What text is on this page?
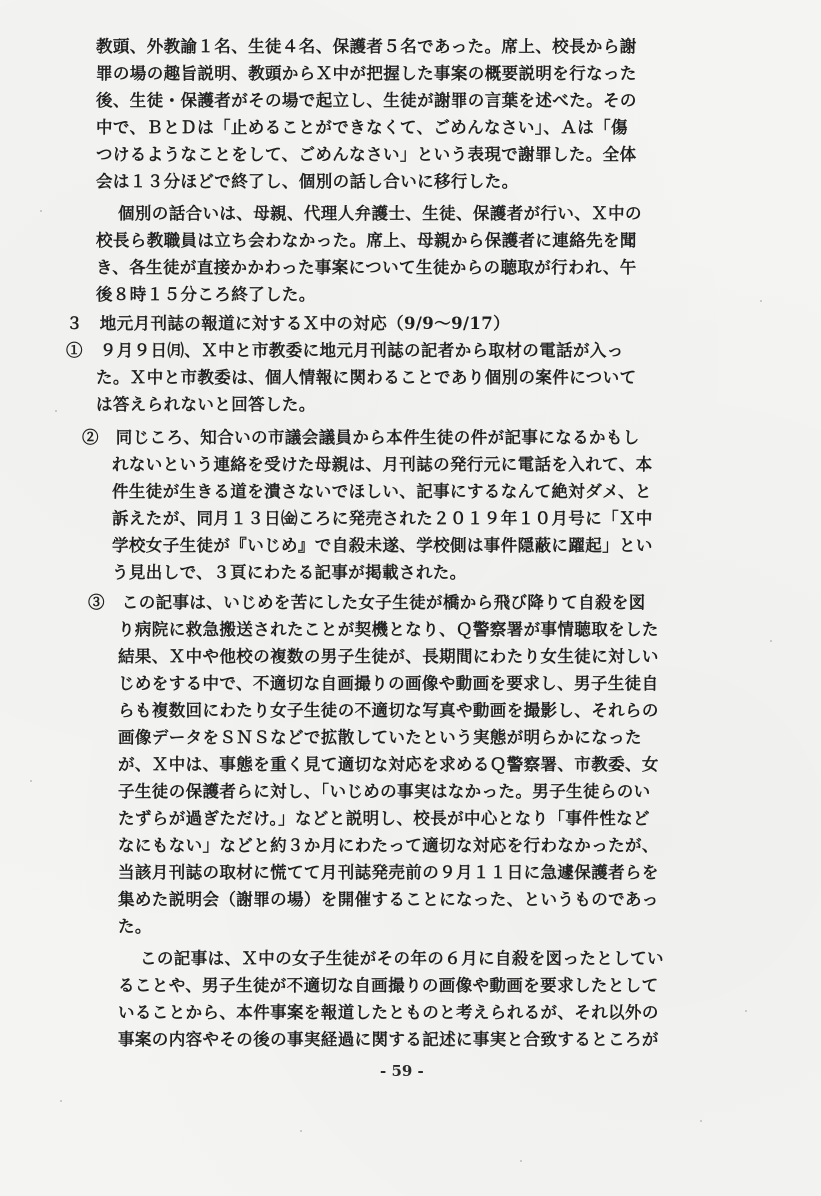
教頭、外教諭１名、生徒４名、保護者５名であった。席上、校長から謝
罪の場の趣旨説明、教頭からＸ中が把握した事案の概要説明を行なった
後、生徒・保護者がその場で起立し、生徒が謝罪の言葉を述べた。その
中で、ＢとＤは「止めることができなくて、ごめんなさい」、Ａは「傷
つけるようなことをして、ごめんなさい」という表現で謝罪した。全体
会は１３分ほどで終了し、個別の話し合いに移行した。
個別の話合いは、母親、代理人弁護士、生徒、保護者が行い、Ｘ中の
校長ら教職員は立ち会わなかった。席上、母親から保護者に連絡先を聞
き、各生徒が直接かかわった事案について生徒からの聴取が行われ、午
後８時１５分ころ終了した。
３　地元月刊誌の報道に対するＸ中の対応（9/9～9/17）
①　９月９日㈪、Ｘ中と市教委に地元月刊誌の記者から取材の電話が入っ
た。Ｘ中と市教委は、個人情報に関わることであり個別の案件について
は答えられないと回答した。
②　同じころ、知合いの市議会議員から本件生徒の件が記事になるかもし
れないという連絡を受けた母親は、月刊誌の発行元に電話を入れて、本
件生徒が生きる道を潰さないでほしい、記事にするなんて絶対ダメ、と
訴えたが、同月１３日㈮ころに発売された２０１９年１０月号に「Ｘ中
学校女子生徒が『いじめ』で自殺未遂、学校側は事件隠蔽に躍起」とい
う見出しで、３頁にわたる記事が掲載された。
③　この記事は、いじめを苦にした女子生徒が橋から飛び降りて自殺を図
り病院に救急搬送されたことが契機となり、Ｑ警察署が事情聴取をした
結果、Ｘ中や他校の複数の男子生徒が、長期間にわたり女生徒に対しい
じめをする中で、不適切な自画撮りの画像や動画を要求し、男子生徒自
らも複数回にわたり女子生徒の不適切な写真や動画を撮影し、それらの
画像データをＳＮＳなどで拡散していたという実態が明らかになった
が、Ｘ中は、事態を重く見て適切な対応を求めるＱ警察署、市教委、女
子生徒の保護者らに対し、「いじめの事実はなかった。男子生徒らのい
たずらが過ぎただけ。」などと説明し、校長が中心となり「事件性など
なにもない」などと約３か月にわたって適切な対応を行わなかったが、
当該月刊誌の取材に慌てて月刊誌発売前の９月１１日に急遽保護者らを
集めた説明会（謝罪の場）を開催することになった、というものであっ
た。
この記事は、Ｘ中の女子生徒がその年の６月に自殺を図ったとしてい
ることや、男子生徒が不適切な自画撮りの画像や動画を要求したとして
いることから、本件事案を報道したとものと考えられるが、それ以外の
事案の内容やその後の事実経過に関する記述に事実と合致するところが
- 59 -
